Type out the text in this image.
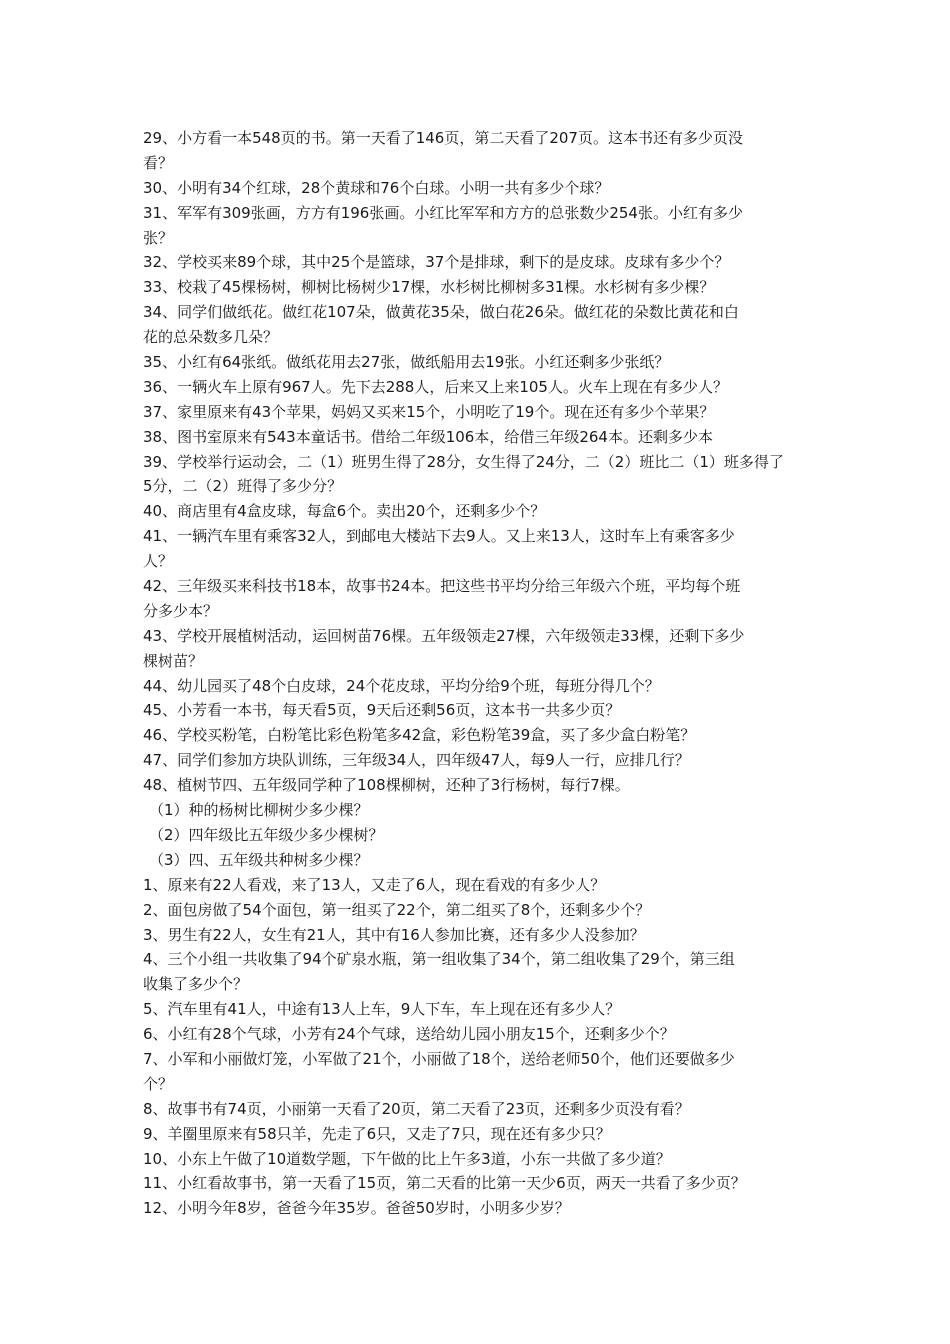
29、小方看一本548页的书。第一天看了146页，第二天看了207页。这本书还有多少页没
看？
30、小明有34个红球，28个黄球和76个白球。小明一共有多少个球？
31、军军有309张画，方方有196张画。小红比军军和方方的总张数少254张。小红有多少
张？
32、学校买来89个球，其中25个是篮球，37个是排球，剩下的是皮球。皮球有多少个？
33、校栽了45棵杨树，柳树比杨树少17棵，水杉树比柳树多31棵。水杉树有多少棵？
34、同学们做纸花。做红花107朵，做黄花35朵，做白花26朵。做红花的朵数比黄花和白
花的总朵数多几朵？
35、小红有64张纸。做纸花用去27张，做纸船用去19张。小红还剩多少张纸？
36、一辆火车上原有967人。先下去288人，后来又上来105人。火车上现在有多少人？
37、家里原来有43个苹果，妈妈又买来15个，小明吃了19个。现在还有多少个苹果？
38、图书室原来有543本童话书。借给二年级106本，给借三年级264本。还剩多少本
39、学校举行运动会，二（1）班男生得了28分，女生得了24分，二（2）班比二（1）班多得了
5分，二（2）班得了多少分？
40、商店里有4盒皮球，每盒6个。卖出20个，还剩多少个？
41、一辆汽车里有乘客32人，到邮电大楼站下去9人。又上来13人，这时车上有乘客多少
人？
42、三年级买来科技书18本，故事书24本。把这些书平均分给三年级六个班，平均每个班
分多少本？
43、学校开展植树活动，运回树苗76棵。五年级领走27棵，六年级领走33棵，还剩下多少
棵树苗？
44、幼儿园买了48个白皮球，24个花皮球，平均分给9个班，每班分得几个？
45、小芳看一本书，每天看5页，9天后还剩56页，这本书一共多少页？
46、学校买粉笔，白粉笔比彩色粉笔多42盒，彩色粉笔39盒，买了多少盒白粉笔？
47、同学们参加方块队训练，三年级34人，四年级47人，每9人一行，应排几行？
48、植树节四、五年级同学种了108棵柳树，还种了3行杨树，每行7棵。
（1）种的杨树比柳树少多少棵？
（2）四年级比五年级少多少棵树？
（3）四、五年级共种树多少棵？
1、原来有22人看戏，来了13人，又走了6人，现在看戏的有多少人？
2、面包房做了54个面包，第一组买了22个，第二组买了8个，还剩多少个？
3、男生有22人，女生有21人，其中有16人参加比赛，还有多少人没参加？
4、三个小组一共收集了94个矿泉水瓶，第一组收集了34个，第二组收集了29个，第三组
收集了多少个？
5、汽车里有41人，中途有13人上车，9人下车，车上现在还有多少人？
6、小红有28个气球，小芳有24个气球，送给幼儿园小朋友15个，还剩多少个？
7、小军和小丽做灯笼，小军做了21个，小丽做了18个，送给老师50个，他们还要做多少
个？
8、故事书有74页，小丽第一天看了20页，第二天看了23页，还剩多少页没有看？
9、羊圈里原来有58只羊，先走了6只，又走了7只，现在还有多少只？
10、小东上午做了10道数学题，下午做的比上午多3道，小东一共做了多少道？
11、小红看故事书，第一天看了15页，第二天看的比第一天少6页，两天一共看了多少页？
12、小明今年8岁，爸爸今年35岁。爸爸50岁时，小明多少岁？
